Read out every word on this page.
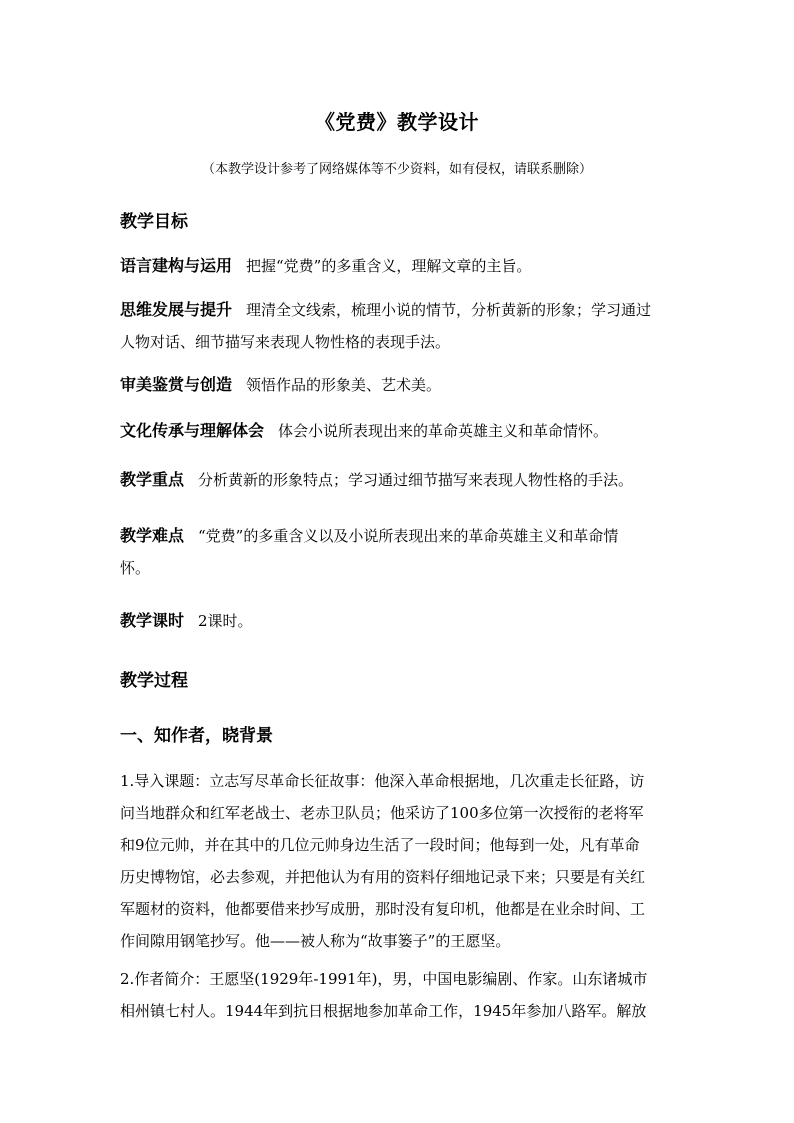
《党费》教学设计
（本教学设计参考了网络媒体等不少资料，如有侵权，请联系删除）
教学目标
语言建构与运用 把握“党费”的多重含义，理解文章的主旨。
思维发展与提升 理清全文线索，梳理小说的情节，分析黄新的形象；学习通过
人物对话、细节描写来表现人物性格的表现手法。
审美鉴赏与创造 领悟作品的形象美、艺术美。
文化传承与理解体会 体会小说所表现出来的革命英雄主义和革命情怀。
教学重点 分析黄新的形象特点；学习通过细节描写来表现人物性格的手法。
教学难点 “党费”的多重含义以及小说所表现出来的革命英雄主义和革命情
怀。
教学课时 2课时。
教学过程
一、知作者，晓背景
1.导入课题：立志写尽革命长征故事：他深入革命根据地，几次重走长征路，访
问当地群众和红军老战士、老赤卫队员；他采访了100多位第一次授衔的老将军
和9位元帅，并在其中的几位元帅身边生活了一段时间；他每到一处，凡有革命
历史博物馆，必去参观，并把他认为有用的资料仔细地记录下来；只要是有关红
军题材的资料，他都要借来抄写成册，那时没有复印机，他都是在业余时间、工
作间隙用钢笔抄写。他——被人称为“故事篓子”的王愿坚。
2.作者简介：王愿坚(1929年-1991年)，男，中国电影编剧、作家。山东诸城市
相州镇七村人。1944年到抗日根据地参加革命工作，1945年参加八路军。解放
